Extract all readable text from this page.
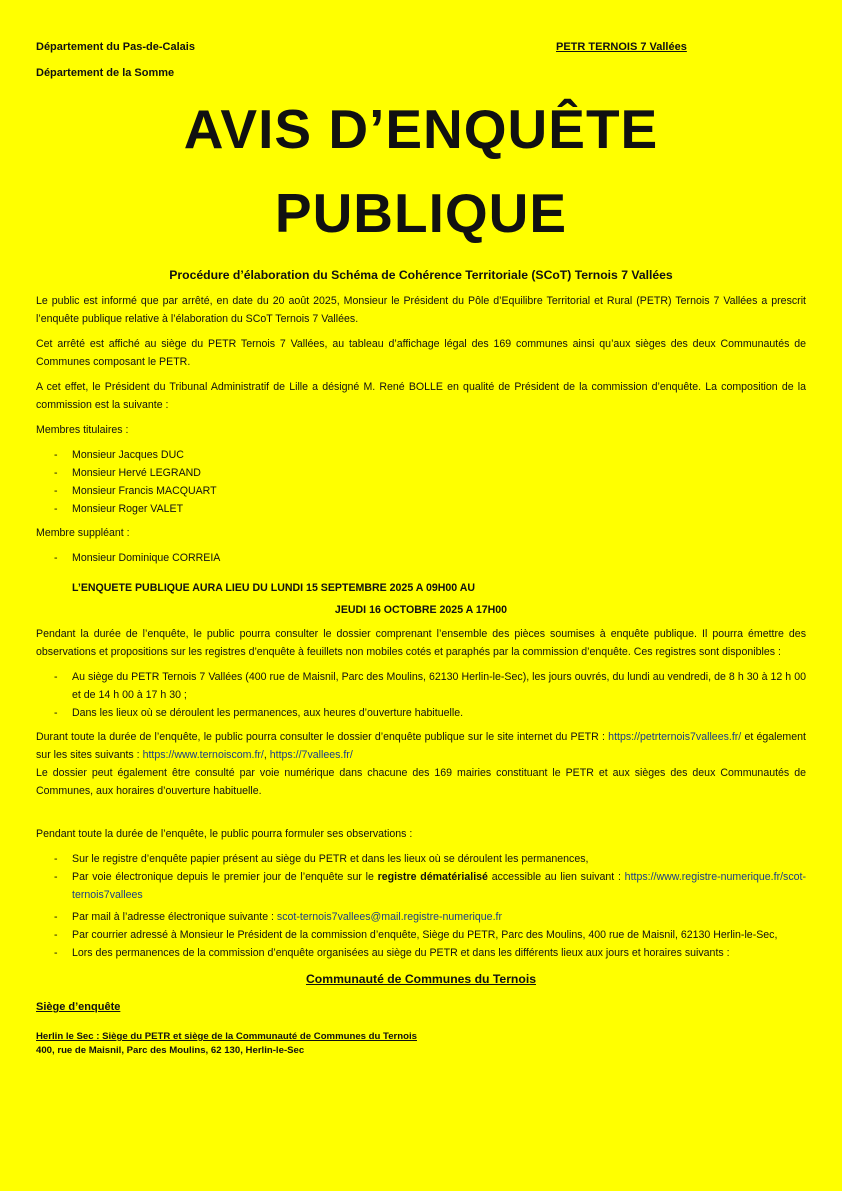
Département du Pas-de-Calais
Département de la Somme
PETR TERNOIS 7 Vallées
AVIS D’ENQUÊTE
PUBLIQUE
Procédure d’élaboration du Schéma de Cohérence Territoriale (SCoT) Ternois 7 Vallées

Le public est informé que par arrêté, en date du 20 août 2025, Monsieur le Président du Pôle d’Equilibre Territorial et Rural (PETR) Ternois 7 Vallées a prescrit l’enquête publique relative à l’élaboration du SCoT Ternois 7 Vallées.

Cet arrêté est affiché au siège du PETR Ternois 7 Vallées, au tableau d’affichage légal des 169 communes ainsi qu’aux sièges des deux Communautés de Communes composant le PETR.

A cet effet, le Président du Tribunal Administratif de Lille a désigné M. René BOLLE en qualité de Président de la commission d’enquête. La composition de la commission est la suivante :

Membres titulaires :

- Monsieur Jacques DUC
- Monsieur Hervé LEGRAND
- Monsieur Francis MACQUART
- Monsieur Roger VALET

Membre suppléant :

- Monsieur Dominique CORREIA
L’ENQUETE PUBLIQUE AURA LIEU DU LUNDI 15 SEPTEMBRE 2025 A 09H00 AU
JEUDI 16 OCTOBRE 2025 A 17H00

Pendant la durée de l’enquête, le public pourra consulter le dossier comprenant l’ensemble des pièces soumises à enquête publique. Il pourra émettre des observations et propositions sur les registres d’enquête à feuillets non mobiles cotés et paraphés par la commission d’enquête. Ces registres sont disponibles :

- Au siège du PETR Ternois 7 Vallées (400 rue de Maisnil, Parc des Moulins, 62130 Herlin-le-Sec), les jours ouvrés, du lundi au vendredi, de 8 h 30 à 12 h 00 et de 14 h 00 à 17 h 30 ;
- Dans les lieux où se déroulent les permanences, aux heures d’ouverture habituelle.

Durant toute la durée de l’enquête, le public pourra consulter le dossier d’enquête publique sur le site internet du PETR : https://petrternois7vallees.fr/ et également sur les sites suivants : https://www.ternoiscom.fr/, https://7vallees.fr/

Le dossier peut également être consulté par voie numérique dans chacune des 169 mairies constituant le PETR et aux sièges des deux Communautés de Communes, aux horaires d’ouverture habituelle.

Pendant toute la durée de l’enquête, le public pourra formuler ses observations :

- Sur le registre d’enquête papier présent au siège du PETR et dans les lieux où se déroulent les permanences,
- Par voie électronique depuis le premier jour de l’enquête sur le registre dématérialisé accessible au lien suivant : https://www.registre-numerique.fr/scot-ternois7vallees
- Par mail à l’adresse électronique suivante : scot-ternois7vallees@mail.registre-numerique.fr
- Par courrier adressé à Monsieur le Président de la commission d’enquête, Siège du PETR, Parc des Moulins, 400 rue de Maisnil, 62130 Herlin-le-Sec,
- Lors des permanences de la commission d’enquête organisées au siège du PETR et dans les différents lieux aux jours et horaires suivants :
Communauté de Communes du Ternois
Siège d’enquête
Herlin le Sec : Siège du PETR et siège de la Communauté de Communes du Ternois
400, rue de Maisnil, Parc des Moulins, 62 130, Herlin-le-Sec
